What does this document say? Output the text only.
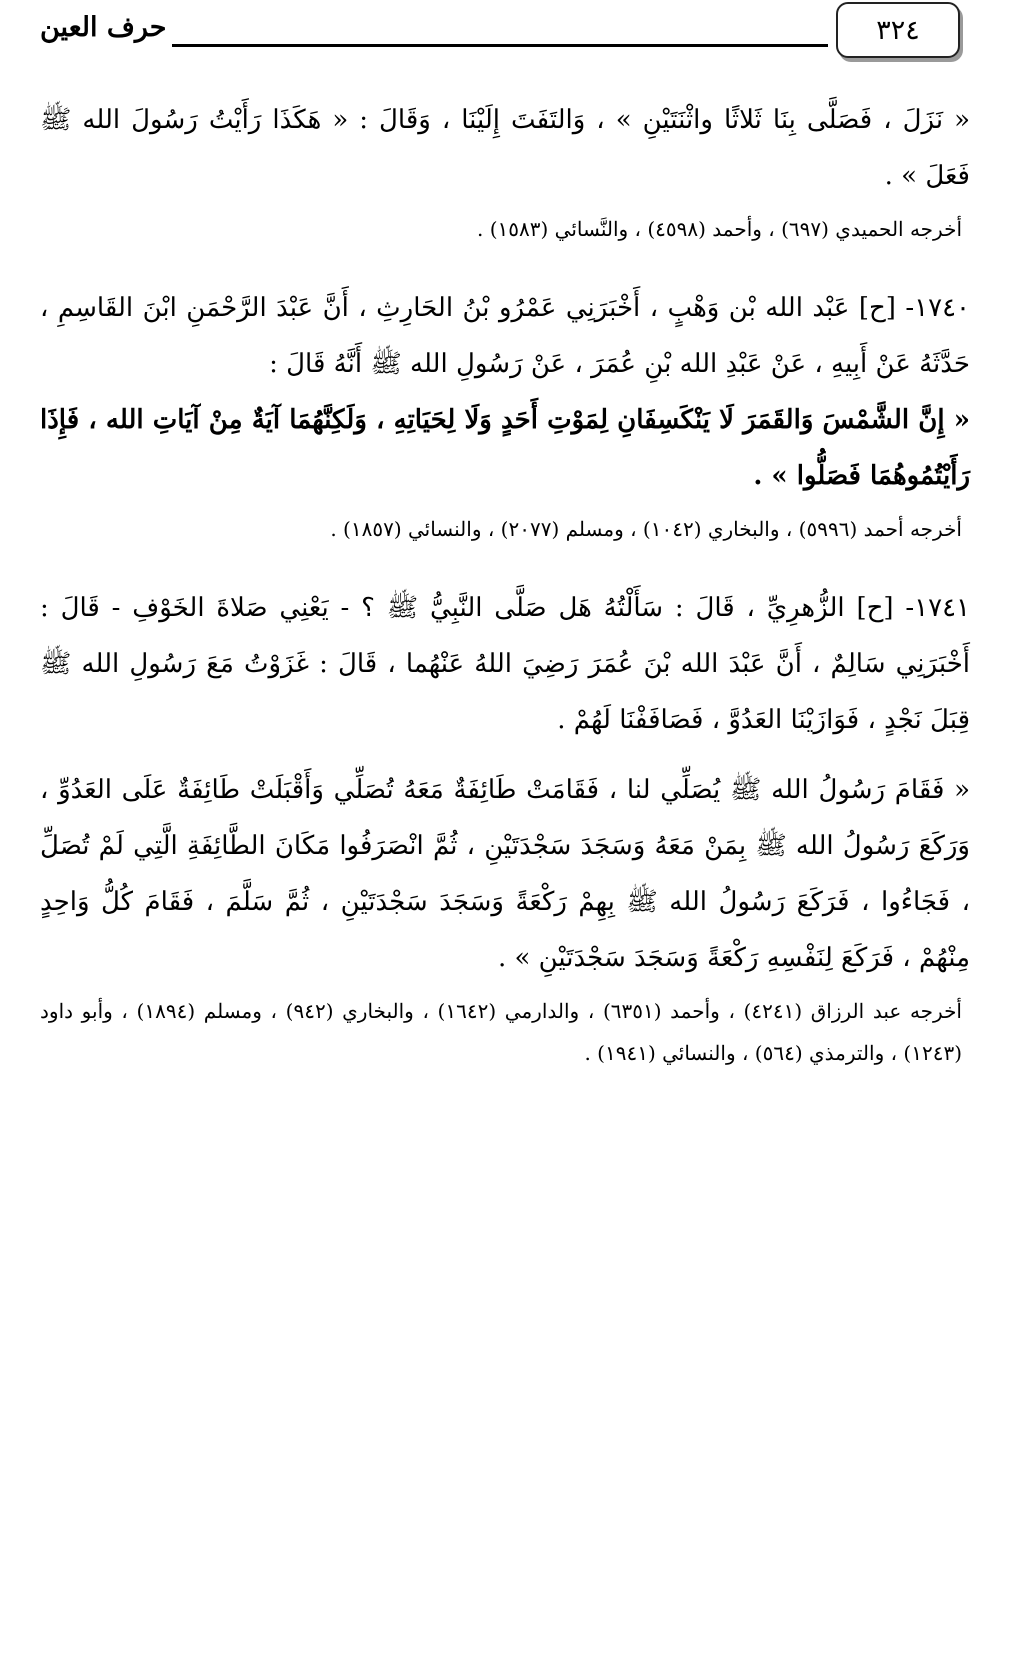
٣٢٤
حرف العين

« نَزَلَ ، فَصَلَّى بِنَا ثَلاثًا واثْنَتَيْنِ » ، وَالتَفَتَ إِلَيْنَا ، وَقَالَ : « هَكَذَا رَأَيْتُ رَسُولَ الله ﷺ فَعَلَ » .

أخرجه الحميدي (٦٩٧) ، وأحمد (٤٥٩٨) ، والنَّسائي (١٥٨٣) .

١٧٤٠- [ح] عَبْد الله بْن وَهْبٍ ، أَخْبَرَنِي عَمْرُو بْنُ الحَارِثِ ، أَنَّ عَبْدَ الرَّحْمَنِ ابْنَ القَاسِمِ ، حَدَّثَهُ عَنْ أَبِيهِ ، عَنْ عَبْدِ الله بْنِ عُمَرَ ، عَنْ رَسُولِ الله ﷺ أَنَّهُ قَالَ :

« إِنَّ الشَّمْسَ وَالقَمَرَ لَا يَنْكَسِفَانِ لِمَوْتِ أَحَدٍ وَلَا لِحَيَاتِهِ ، وَلَكِنَّهُمَا آيَةٌ مِنْ آيَاتِ الله ، فَإِذَا رَأَيْتُمُوهُمَا فَصَلُّوا » .

أخرجه أحمد (٥٩٩٦) ، والبخاري (١٠٤٢) ، ومسلم (٢٠٧٧) ، والنسائي (١٨٥٧) .

١٧٤١- [ح] الزُّهرِيِّ ، قَالَ : سَأَلْتُهُ هَل صَلَّى النَّبِيُّ ﷺ ؟ - يَعْنِي صَلاةَ الخَوْفِ - قَالَ : أَخْبَرَنِي سَالِمٌ ، أَنَّ عَبْدَ الله بْنَ عُمَرَ رَضِيَ اللهُ عَنْهُما ، قَالَ : غَزَوْتُ مَعَ رَسُولِ الله ﷺ قِبَلَ نَجْدٍ ، فَوَازَيْنَا العَدُوَّ ، فَصَافَفْنَا لَهُمْ .

« فَقَامَ رَسُولُ الله ﷺ يُصَلِّي لنا ، فَقَامَتْ طَائِفَةٌ مَعَهُ تُصَلِّي وَأَقْبَلَتْ طَائِفَةٌ عَلَى العَدُوِّ ، وَرَكَعَ رَسُولُ الله ﷺ بِمَنْ مَعَهُ وَسَجَدَ سَجْدَتَيْنِ ، ثُمَّ انْصَرَفُوا مَكَانَ الطَّائِفَةِ الَّتِي لَمْ تُصَلِّ ، فَجَاءُوا ، فَرَكَعَ رَسُولُ الله ﷺ بِهِمْ رَكْعَةً وَسَجَدَ سَجْدَتَيْنِ ، ثُمَّ سَلَّمَ ، فَقَامَ كُلُّ وَاحِدٍ مِنْهُمْ ، فَرَكَعَ لِنَفْسِهِ رَكْعَةً وَسَجَدَ سَجْدَتَيْنِ » .

أخرجه عبد الرزاق (٤٢٤١) ، وأحمد (٦٣٥١) ، والدارمي (١٦٤٢) ، والبخاري (٩٤٢) ، ومسلم (١٨٩٤) ، وأبو داود (١٢٤٣) ، والترمذي (٥٦٤) ، والنسائي (١٩٤١) .
